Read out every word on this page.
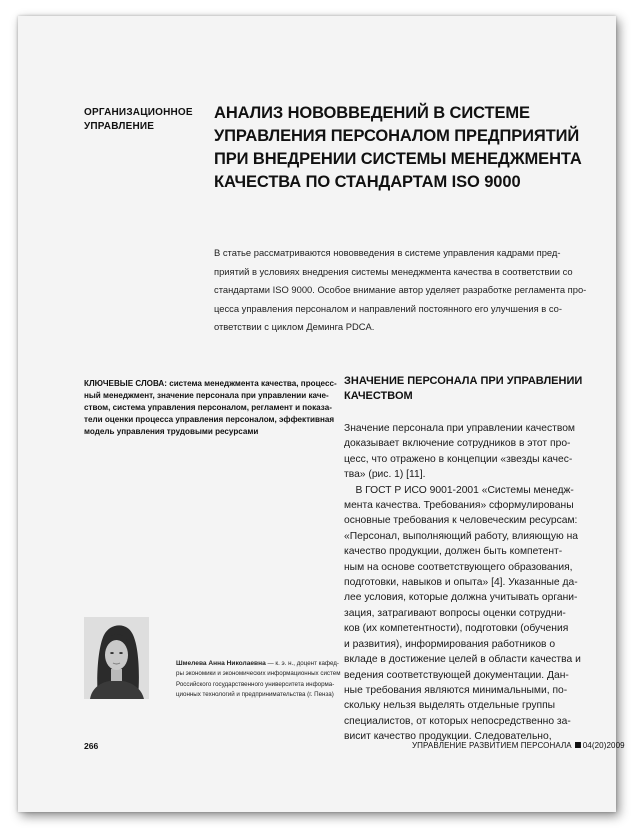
ОРГАНИЗАЦИОННОЕ
УПРАВЛЕНИЕ
АНАЛИЗ НОВОВВЕДЕНИЙ В СИСТЕМЕ
УПРАВЛЕНИЯ ПЕРСОНАЛОМ ПРЕДПРИЯТИЙ
ПРИ ВНЕДРЕНИИ СИСТЕМЫ МЕНЕДЖМЕНТА
КАЧЕСТВА ПО СТАНДАРТАМ ISO 9000
В статье рассматриваются нововведения в системе управления кадрами пред-
приятий в условиях внедрения системы менеджмента качества в соответствии со
стандартами ISO 9000. Особое внимание автор уделяет разработке регламента про-
цесса управления персоналом и направлений постоянного его улучшения в со-
ответствии с циклом Деминга PDCA.
КЛЮЧЕВЫЕ СЛОВА: система менеджмента качества, процесс-
ный менеджмент, значение персонала при управлении каче-
ством, система управления персоналом, регламент и показа-
тели оценки процесса управления персоналом, эффективная
модель управления трудовыми ресурсами
ЗНАЧЕНИЕ ПЕРСОНАЛА ПРИ УПРАВЛЕНИИ
КАЧЕСТВОМ
Значение персонала при управлении качеством
доказывает включение сотрудников в этот про-
цесс, что отражено в концепции «звезды качес-
тва» (рис. 1) [11].
В ГОСТ Р ИСО 9001-2001 «Системы менедж-
мента качества. Требования» сформулированы
основные требования к человеческим ресурсам:
«Персонал, выполняющий работу, влияющую на
качество продукции, должен быть компетент-
ным на основе соответствующего образования,
подготовки, навыков и опыта» [4]. Указанные да-
лее условия, которые должна учитывать органи-
зация, затрагивают вопросы оценки сотрудни-
ков (их компетентности), подготовки (обучения
и развития), информирования работников о
вкладе в достижение целей в области качества и
ведения соответствующей документации. Дан-
ные требования являются минимальными, по-
скольку нельзя выделять отдельные группы
специалистов, от которых непосредственно за-
висит качество продукции. Следовательно,
Шмелева Анна Николаевна — к. э. н., доцент кафед-
ры экономики и экономических информационных систем
Российского государственного университета информа-
ционных технологий и предпринимательства (г. Пенза)
266	УПРАВЛЕНИЕ РАЗВИТИЕМ ПЕРСОНАЛА 04(20)2009
